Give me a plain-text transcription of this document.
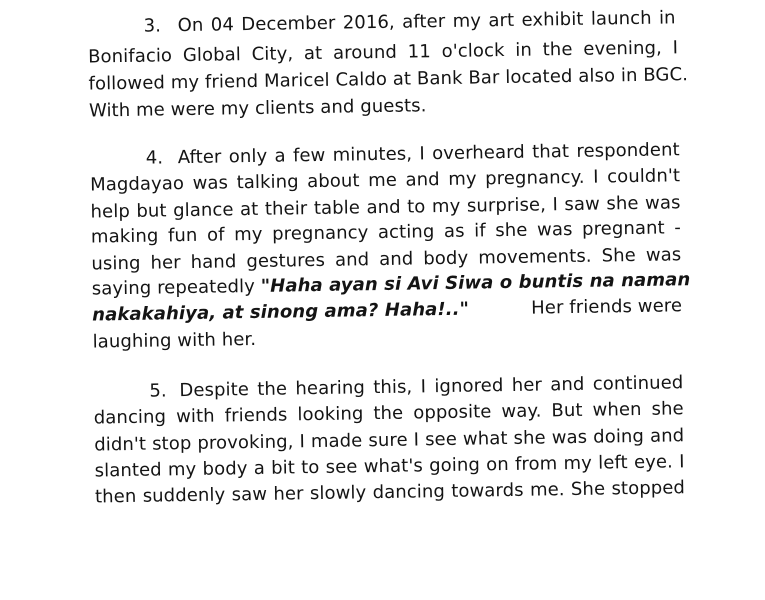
3. On 04 December 2016, after my art exhibit launch in
Bonifacio Global City, at around 11 o'clock in the evening, I
followed my friend Maricel Caldo at Bank Bar located also in BGC.
With me were my clients and guests.
4. After only a few minutes, I overheard that respondent
Magdayao was talking about me and my pregnancy. I couldn't
help but glance at their table and to my surprise, I saw she was
making fun of my pregnancy acting as if she was pregnant -
using her hand gestures and and body movements. She was
saying repeatedly "Haha ayan si Avi Siwa o buntis na naman
nakakahiya, at sinong ama? Haha!.."	Her friends were
laughing with her.
5. Despite the hearing this, I ignored her and continued
dancing with friends looking the opposite way. But when she
didn't stop provoking, I made sure I see what she was doing and
slanted my body a bit to see what's going on from my left eye. I
then suddenly saw her slowly dancing towards me. She stopped
